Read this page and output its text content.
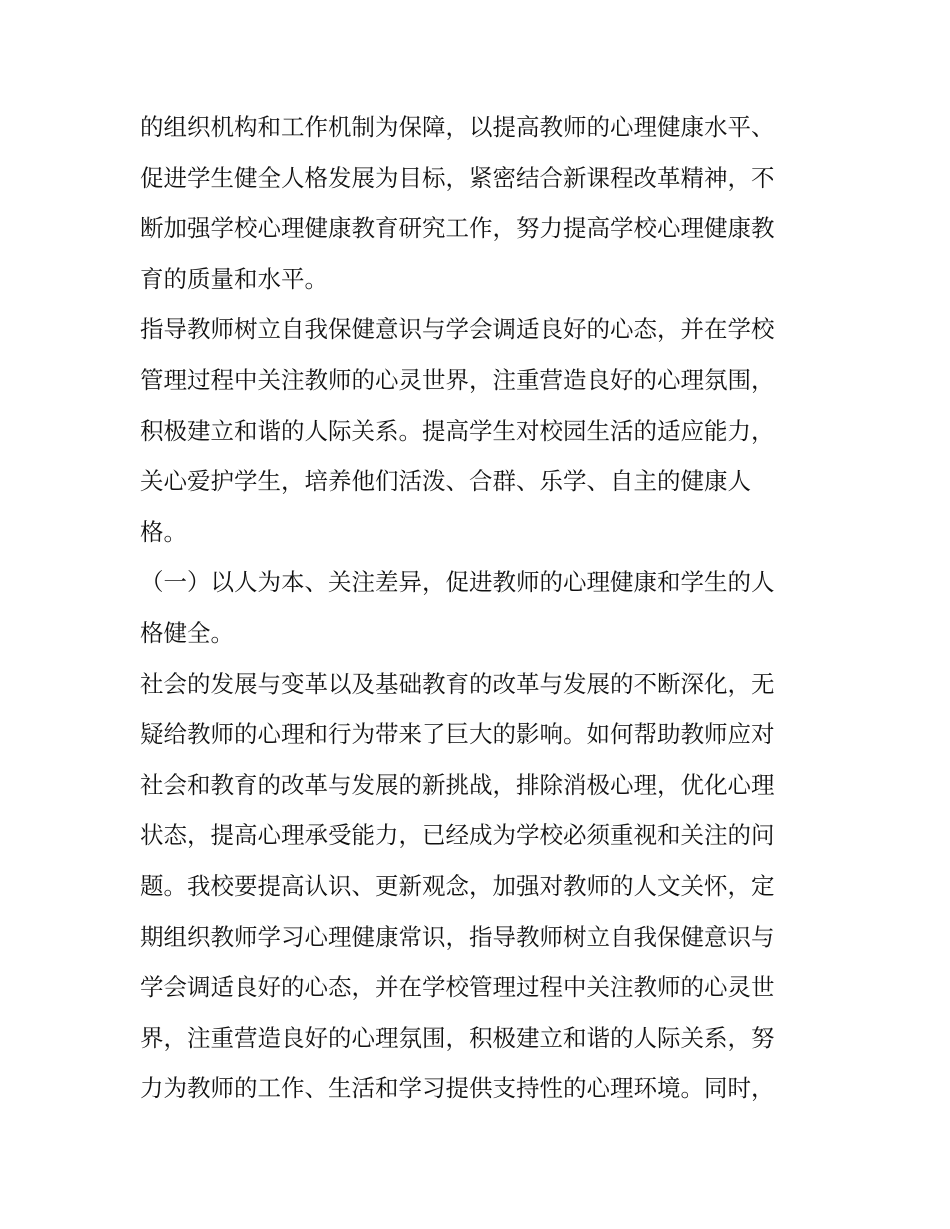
的组织机构和工作机制为保障，以提高教师的心理健康水平、
促进学生健全人格发展为目标，紧密结合新课程改革精神，不
断加强学校心理健康教育研究工作，努力提高学校心理健康教
育的质量和水平。
指导教师树立自我保健意识与学会调适良好的心态，并在学校
管理过程中关注教师的心灵世界，注重营造良好的心理氛围，
积极建立和谐的人际关系。提高学生对校园生活的适应能力，
关心爱护学生，培养他们活泼、合群、乐学、自主的健康人
格。
（一）以人为本、关注差异，促进教师的心理健康和学生的人
格健全。
社会的发展与变革以及基础教育的改革与发展的不断深化，无
疑给教师的心理和行为带来了巨大的影响。如何帮助教师应对
社会和教育的改革与发展的新挑战，排除消极心理，优化心理
状态，提高心理承受能力，已经成为学校必须重视和关注的问
题。我校要提高认识、更新观念，加强对教师的人文关怀，定
期组织教师学习心理健康常识，指导教师树立自我保健意识与
学会调适良好的心态，并在学校管理过程中关注教师的心灵世
界，注重营造良好的心理氛围，积极建立和谐的人际关系，努
力为教师的工作、生活和学习提供支持性的心理环境。同时，
